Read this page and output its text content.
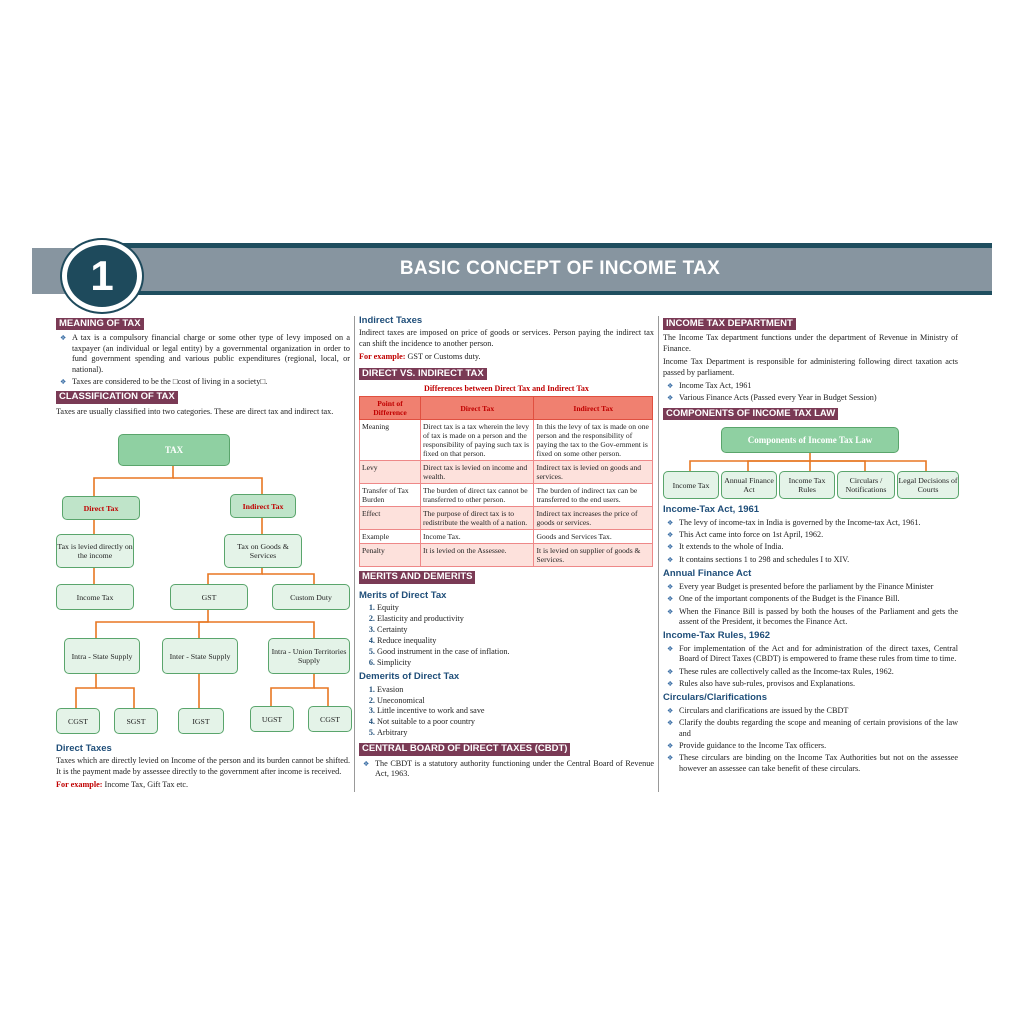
1	BASIC CONCEPT OF INCOME TAX
MEANING OF TAX
❖ A tax is a compulsory financial charge or some other type of levy imposed on a taxpayer (an individual or legal entity) by a governmental organization in order to fund government spending and various public expenditures (regional, local, or national).
❖ Taxes are considered to be the □cost of living in a society□.
CLASSIFICATION OF TAX

Taxes are usually classified into two categories. These are direct tax and indirect tax.

TAX
Direct Tax	Indirect Tax
Tax is levied directly on the income
Tax on Goods & Services
Income Tax	GST	Custom Duty
Intra - State Supply	Inter - State Supply	Intra - Union Territories Supply
CGST	SGST	IGST	UGST	CGST
Direct Taxes

Taxes which are directly levied on Income of the person and its burden cannot be shifted. It is the payment made by assessee directly to the government after income is received.

For example: Income Tax, Gift Tax etc.

Indirect Taxes

Indirect taxes are imposed on price of goods or services. Person paying the indirect tax can shift the incidence to another person.

For example: GST or Customs duty.

DIRECT VS. INDIRECT TAX
Differences between Direct Tax and Indirect Tax
Point of Difference	Direct Tax	Indirect Tax
Meaning	Direct tax is a tax wherein the levy of tax is made on a person and the responsibility of paying such tax is fixed on that person.	In this the levy of tax is made on one person and the responsibility of paying the tax to the Gov-ernment is fixed on some other person.
Levy	Direct tax is levied on income and wealth.	Indirect tax is levied on goods and services.
Transfer of Tax Burden	The burden of direct tax cannot be transferred to other person.	The burden of indirect tax can be transferred to the end users.
Effect	The purpose of direct tax is to redistribute the wealth of a nation.	Indirect tax increases the price of goods or services.
Example	Income Tax.	Goods and Services Tax.
Penalty	It is levied on the Assessee.	It is levied on supplier of goods & Services.
MERITS AND DEMERITS
Merits of Direct Tax
1. Equity
2. Elasticity and productivity
3. Certainty
4. Reduce inequality
5. Good instrument in the case of inflation.
6. Simplicity
Demerits of Direct Tax
1. Evasion
2. Uneconomical
3. Little incentive to work and save
4. Not suitable to a poor country
5. Arbitrary
CENTRAL BOARD OF DIRECT TAXES (CBDT)
❖ The CBDT is a statutory authority functioning under the Central Board of Revenue Act, 1963.
INCOME TAX DEPARTMENT

The Income Tax department functions under the department of Revenue in Ministry of Finance.

Income Tax Department is responsible for administering following direct taxation acts passed by parliament.

❖ Income Tax Act, 1961
❖ Various Finance Acts (Passed every Year in Budget Session)
COMPONENTS OF INCOME TAX LAW
Components of Income Tax Law
Income Tax	Annual Finance Act
Income Tax Rules
Circulars / Notifications
Legal Decisions of Courts
Income-Tax Act, 1961
❖ The levy of income-tax in India is governed by the Income-tax Act, 1961.
❖ This Act came into force on 1st April, 1962.
❖ It extends to the whole of India.
❖ It contains sections 1 to 298 and schedules I to XIV.
Annual Finance Act
❖ Every year Budget is presented before the parliament by the Finance Minister
❖ One of the important components of the Budget is the Finance Bill.
❖ When the Finance Bill is passed by both the houses of the Parliament and gets the assent of the President, it becomes the Finance Act.
Income-Tax Rules, 1962
❖ For implementation of the Act and for administration of the direct taxes, Central Board of Direct Taxes (CBDT) is empowered to frame these rules from time to time.
❖ These rules are collectively called as the Income-tax Rules, 1962.
❖ Rules also have sub-rules, provisos and Explanations.
Circulars/Clarifications
❖ Circulars and clarifications are issued by the CBDT
❖ Clarify the doubts regarding the scope and meaning of certain provisions of the law and
❖ Provide guidance to the Income Tax officers.
❖ These circulars are binding on the Income Tax Authorities but not on the assessee however an assessee can take benefit of these circulars.
